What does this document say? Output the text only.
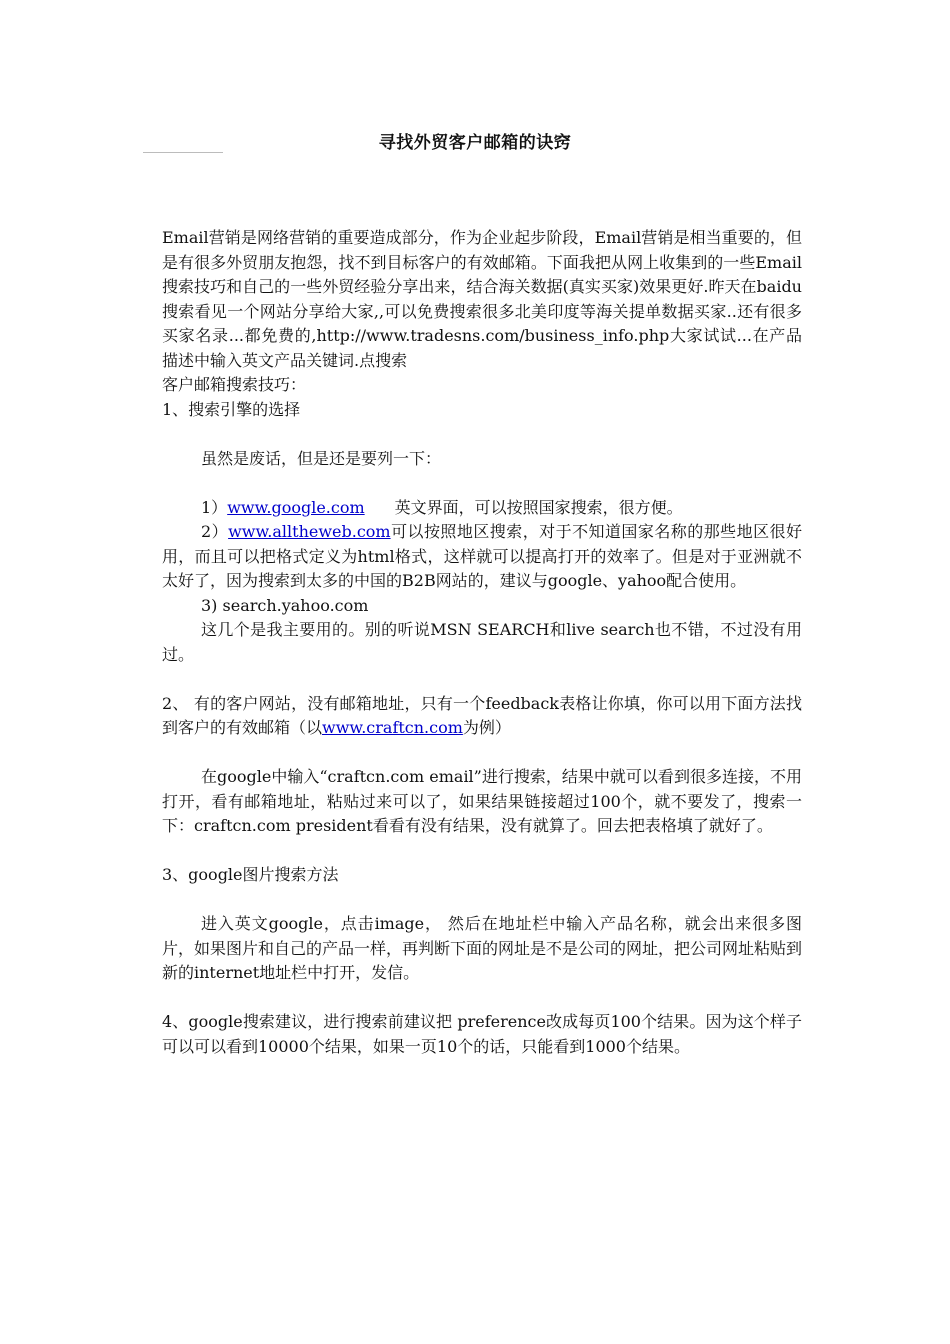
寻找外贸客户邮箱的诀窍

Email营销是网络营销的重要造成部分，作为企业起步阶段，Email营销是相当重要的，但是有很多外贸朋友抱怨，找不到目标客户的有效邮箱。下面我把从网上收集到的一些Email搜索技巧和自己的一些外贸经验分享出来，结合海关数据(真实买家)效果更好.昨天在baidu 搜索看见一个网站分享给大家,,可以免费搜索很多北美印度等海关提单数据买家..还有很多买家名录...都免费的,http://www.tradesns.com/business_info.php大家试试...在产品描述中输入英文产品关键词.点搜索

客户邮箱搜索技巧：

1、搜索引擎的选择

虽然是废话，但是还是要列一下：

1）www.google.com 英文界面，可以按照国家搜索，很方便。

2）www.alltheweb.com可以按照地区搜索，对于不知道国家名称的那些地区很好用，而且可以把格式定义为html格式，这样就可以提高打开的效率了。但是对于亚洲就不太好了，因为搜索到太多的中国的B2B网站的，建议与google、yahoo配合使用。

3) search.yahoo.com

这几个是我主要用的。别的听说MSN SEARCH和live search也不错，不过没有用过。

2、 有的客户网站，没有邮箱地址，只有一个feedback表格让你填，你可以用下面方法找到客户的有效邮箱（以www.craftcn.com为例）

在google中输入“craftcn.com email”进行搜索，结果中就可以看到很多连接，不用打开，看有邮箱地址，粘贴过来可以了，如果结果链接超过100个，就不要发了，搜索一下：craftcn.com president看看有没有结果，没有就算了。回去把表格填了就好了。

3、google图片搜索方法

进入英文google，点击image， 然后在地址栏中输入产品名称，就会出来很多图片，如果图片和自己的产品一样，再判断下面的网址是不是公司的网址，把公司网址粘贴到新的internet地址栏中打开，发信。

4、google搜索建议，进行搜索前建议把 preference改成每页100个结果。因为这个样子可以可以看到10000个结果，如果一页10个的话，只能看到1000个结果。
